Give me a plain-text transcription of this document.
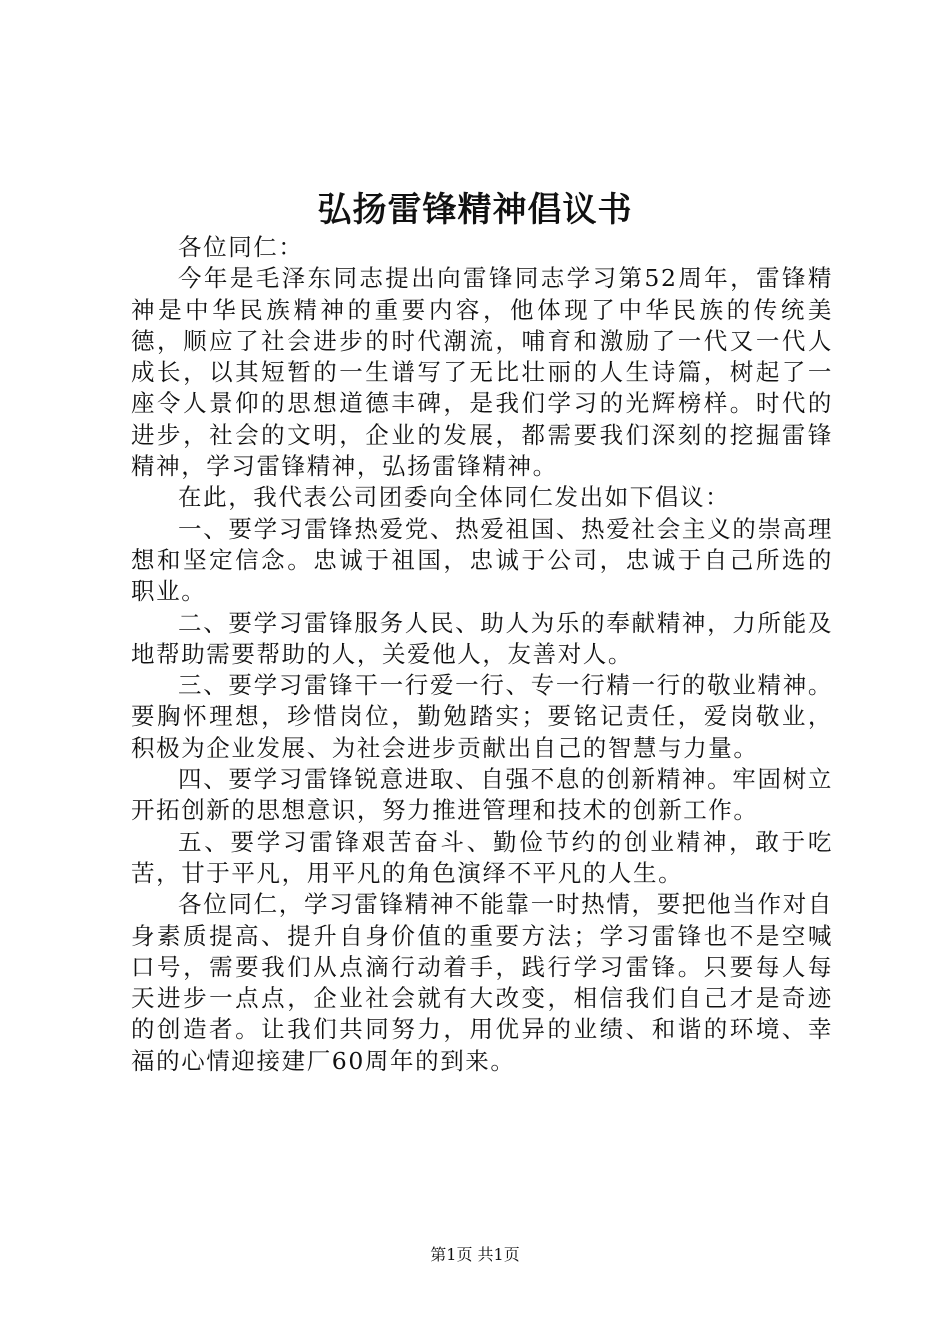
弘扬雷锋精神倡议书

各位同仁：

今年是毛泽东同志提出向雷锋同志学习第52周年，雷锋精神是中华民族精神的重要内容，他体现了中华民族的传统美德，顺应了社会进步的时代潮流，哺育和激励了一代又一代人成长，以其短暂的一生谱写了无比壮丽的人生诗篇，树起了一座令人景仰的思想道德丰碑，是我们学习的光辉榜样。时代的进步，社会的文明，企业的发展，都需要我们深刻的挖掘雷锋精神，学习雷锋精神，弘扬雷锋精神。

在此，我代表公司团委向全体同仁发出如下倡议：

一、要学习雷锋热爱党、热爱祖国、热爱社会主义的崇高理想和坚定信念。忠诚于祖国，忠诚于公司，忠诚于自己所选的职业。

二、要学习雷锋服务人民、助人为乐的奉献精神，力所能及地帮助需要帮助的人，关爱他人，友善对人。

三、要学习雷锋干一行爱一行、专一行精一行的敬业精神。要胸怀理想，珍惜岗位，勤勉踏实；要铭记责任，爱岗敬业，积极为企业发展、为社会进步贡献出自己的智慧与力量。

四、要学习雷锋锐意进取、自强不息的创新精神。牢固树立开拓创新的思想意识，努力推进管理和技术的创新工作。

五、要学习雷锋艰苦奋斗、勤俭节约的创业精神，敢于吃苦，甘于平凡，用平凡的角色演绎不平凡的人生。

各位同仁，学习雷锋精神不能靠一时热情，要把他当作对自身素质提高、提升自身价值的重要方法；学习雷锋也不是空喊口号，需要我们从点滴行动着手，践行学习雷锋。只要每人每天进步一点点，企业社会就有大改变，相信我们自己才是奇迹的创造者。让我们共同努力，用优异的业绩、和谐的环境、幸福的心情迎接建厂60周年的到来。

第1页 共1页
